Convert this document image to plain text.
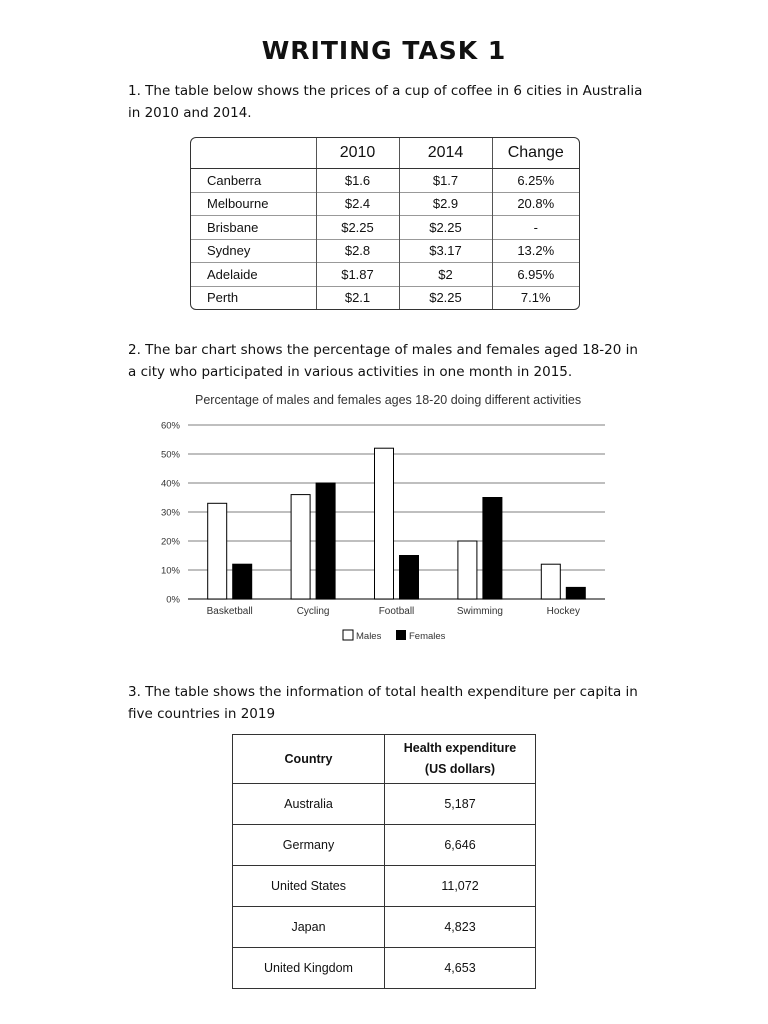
WRITING TASK 1
1. The table below shows the prices of a cup of coffee in 6 cities in Australia in 2010 and 2014.
	2010	2014	Change
Canberra	$1.6	$1.7	6.25%
Melbourne	$2.4	$2.9	20.8%
Brisbane	$2.25	$2.25	-
Sydney	$2.8	$3.17	13.2%
Adelaide	$1.87	$2	6.95%
Perth	$2.1	$2.25	7.1%
2. The bar chart shows the percentage of males and females aged 18-20 in a city who participated in various activities in one month in 2015.
Percentage of males and females ages 18-20 doing different activities
0%
10%
20%
30%
40%
50%
60%
Basketball	Cycling	Football	Swimming	Hockey
Males	Females
3. The table shows the information of total health expenditure per capita in five countries in 2019
Country	Health expenditure
(US dollars)

Australia	5,187
Germany	6,646
United States	11,072
Japan	4,823
United Kingdom	4,653
